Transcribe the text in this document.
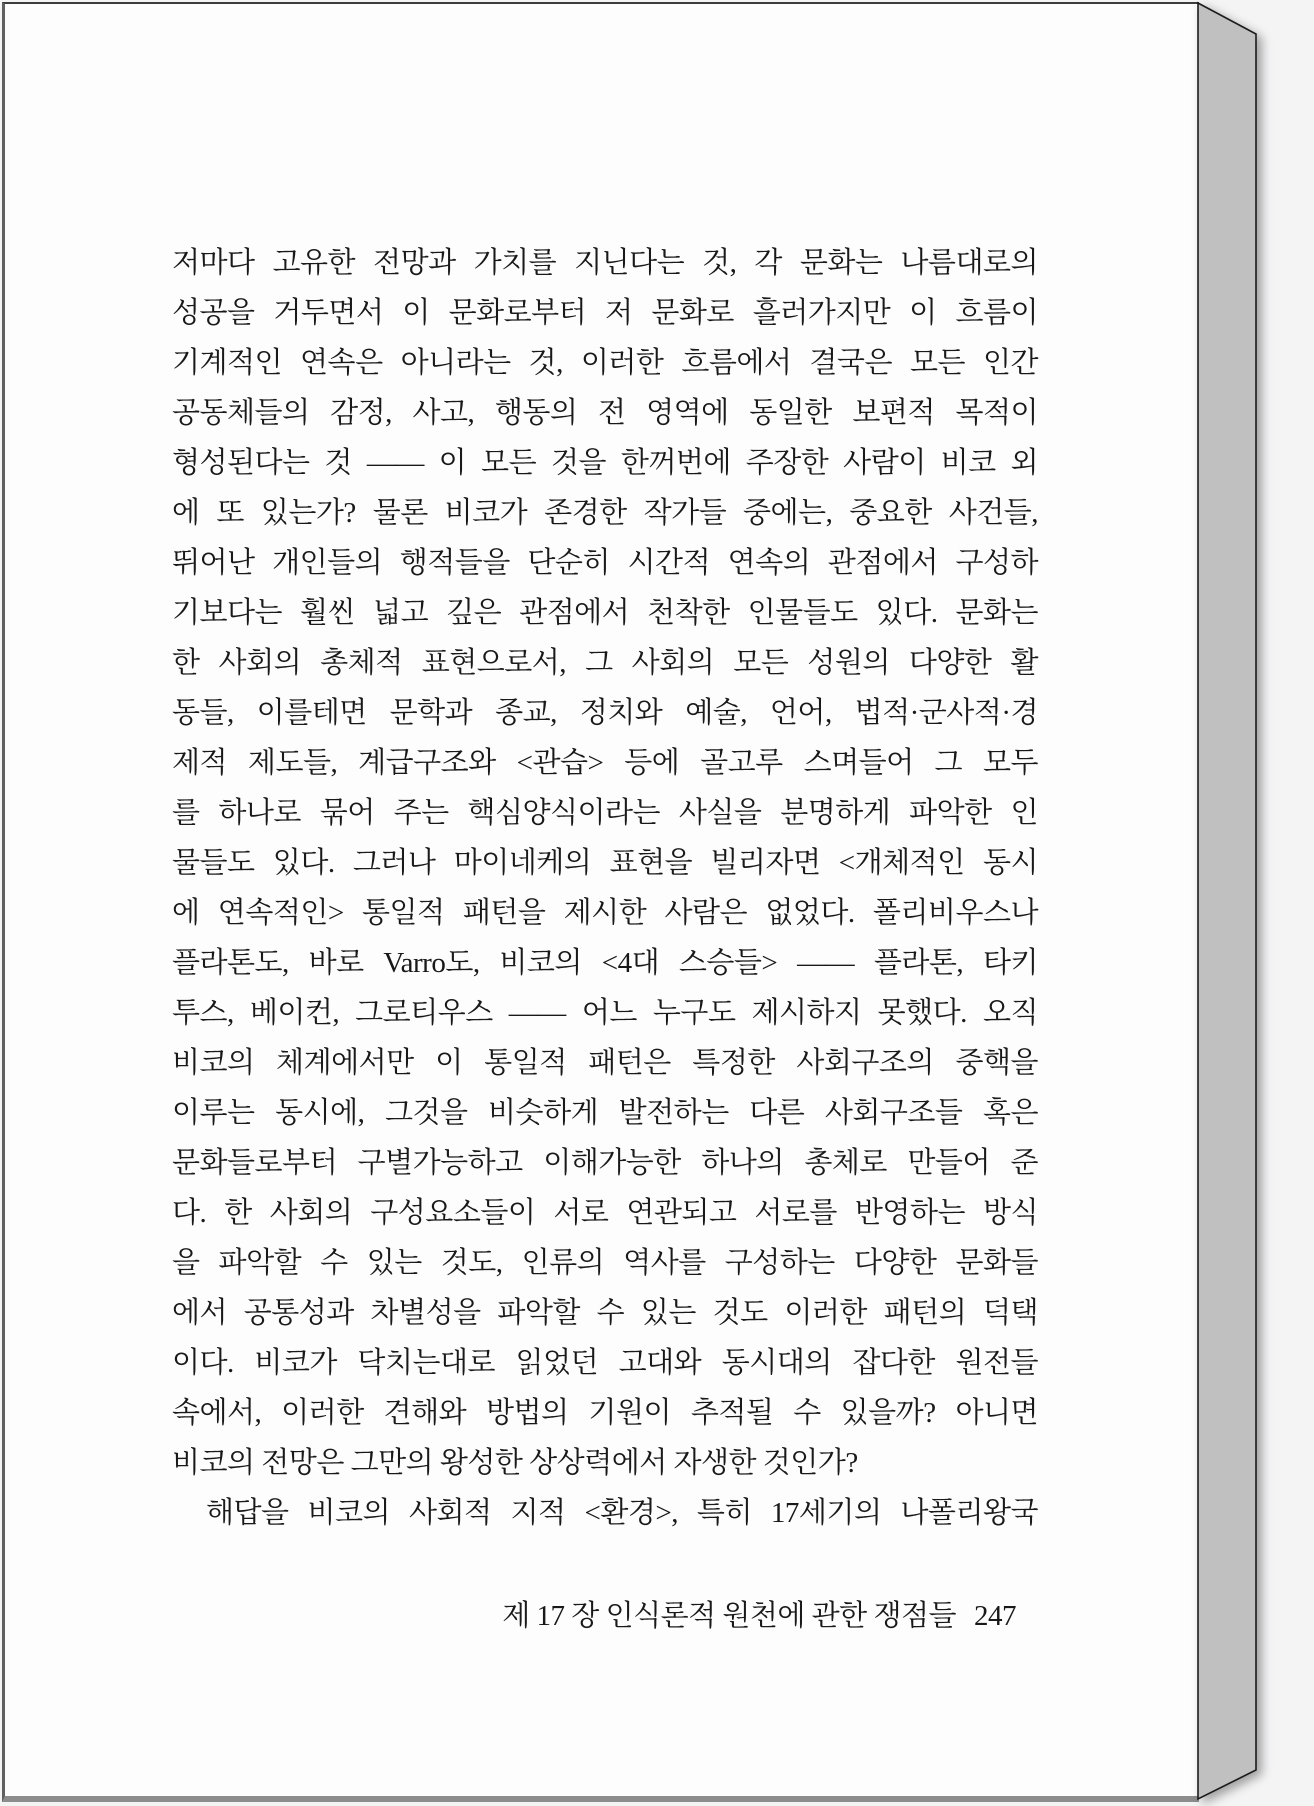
저마다 고유한 전망과 가치를 지닌다는 것, 각 문화는 나름대로의
성공을 거두면서 이 문화로부터 저 문화로 흘러가지만 이 흐름이
기계적인 연속은 아니라는 것, 이러한 흐름에서 결국은 모든 인간
공동체들의 감정, 사고, 행동의 전 영역에 동일한 보편적 목적이
형성된다는 것 —— 이 모든 것을 한꺼번에 주장한 사람이 비코 외
에 또 있는가? 물론 비코가 존경한 작가들 중에는, 중요한 사건들,
뛰어난 개인들의 행적들을 단순히 시간적 연속의 관점에서 구성하
기보다는 훨씬 넓고 깊은 관점에서 천착한 인물들도 있다. 문화는
한 사회의 총체적 표현으로서, 그 사회의 모든 성원의 다양한 활
동들, 이를테면 문학과 종교, 정치와 예술, 언어, 법적·군사적·경
제적 제도들, 계급구조와 <관습> 등에 골고루 스며들어 그 모두
를 하나로 묶어 주는 핵심양식이라는 사실을 분명하게 파악한 인
물들도 있다. 그러나 마이네케의 표현을 빌리자면 <개체적인 동시
에 연속적인> 통일적 패턴을 제시한 사람은 없었다. 폴리비우스나
플라톤도, 바로 Varro도, 비코의 <4대 스승들> —— 플라톤, 타키
투스, 베이컨, 그로티우스 —— 어느 누구도 제시하지 못했다. 오직
비코의 체계에서만 이 통일적 패턴은 특정한 사회구조의 중핵을
이루는 동시에, 그것을 비슷하게 발전하는 다른 사회구조들 혹은
문화들로부터 구별가능하고 이해가능한 하나의 총체로 만들어 준
다. 한 사회의 구성요소들이 서로 연관되고 서로를 반영하는 방식
을 파악할 수 있는 것도, 인류의 역사를 구성하는 다양한 문화들
에서 공통성과 차별성을 파악할 수 있는 것도 이러한 패턴의 덕택
이다. 비코가 닥치는대로 읽었던 고대와 동시대의 잡다한 원전들
속에서, 이러한 견해와 방법의 기원이 추적될 수 있을까? 아니면
비코의 전망은 그만의 왕성한 상상력에서 자생한 것인가?
해답을 비코의 사회적 지적 <환경>, 특히 17세기의 나폴리왕국
제 17 장 인식론적 원천에 관한 쟁점들 247
